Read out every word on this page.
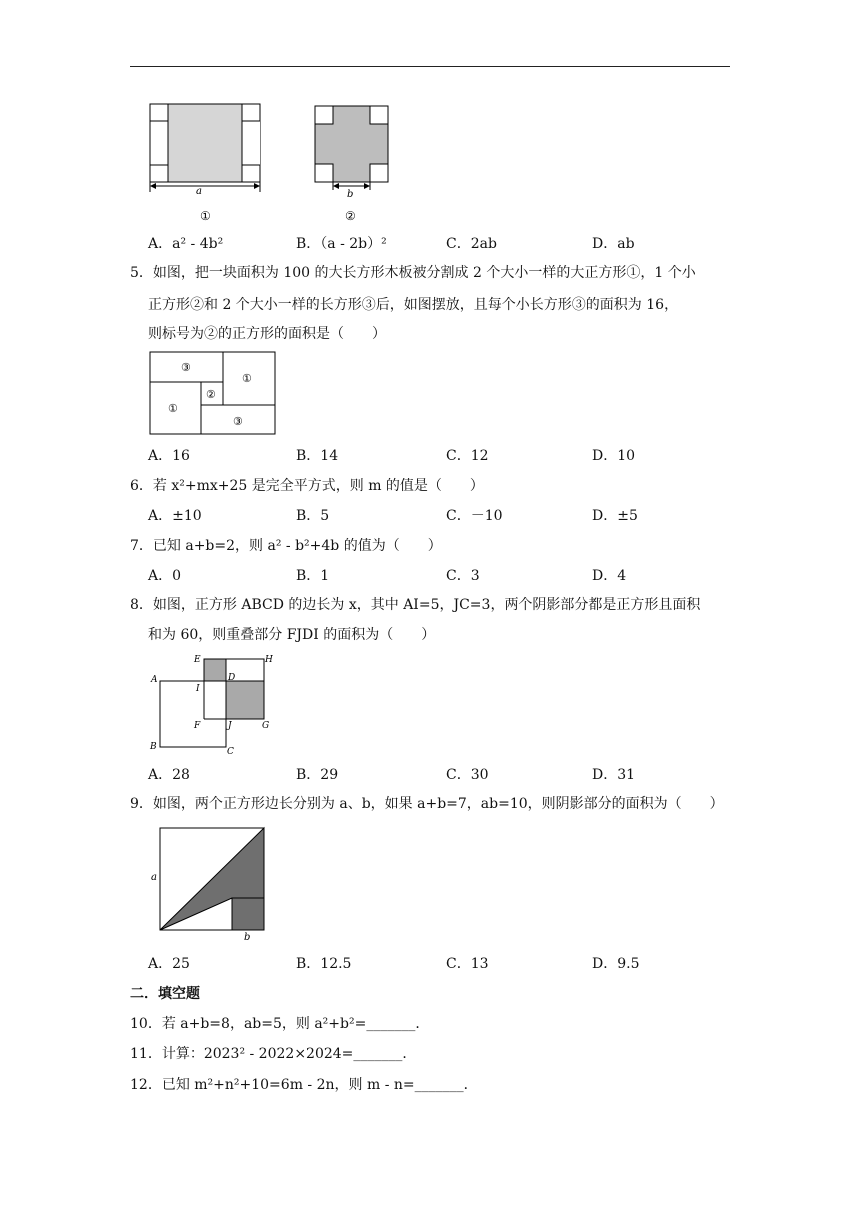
a
①
b
②
A．a² - 4b²	B．（a - 2b）²	C．2ab	D．ab
5．如图，把一块面积为 100 的大长方形木板被分割成 2 个大小一样的大正方形①，1 个小
正方形②和 2 个大小一样的长方形③后，如图摆放，且每个小长方形③的面积为 16，
则标号为②的正方形的面积是（　　）
③
①
②
①
③
A．16	B．14	C．12	D．10
6．若 x²+mx+25 是完全平方式，则 m 的值是（　　）
A．±10	B．5	C．－10	D．±5
7．已知 a+b=2，则 a² - b²+4b 的值为（　　）
A．0	B．1	C．3	D．4
8．如图，正方形 ABCD 的边长为 x，其中 AI=5，JC=3，两个阴影部分都是正方形且面积
和为 60，则重叠部分 FJDI 的面积为（　　）
E	H
A
I
D
F	J	G
B	C
A．28	B．29	C．30	D．31
9．如图，两个正方形边长分别为 a、b，如果 a+b=7，ab=10，则阴影部分的面积为（　　）
a
b
A．25	B．12.5	C．13	D．9.5
二．填空题
10．若 a+b=8，ab=5，则 a²+b²=_______．
11．计算：2023² - 2022×2024=_______．
12．已知 m²+n²+10=6m - 2n，则 m - n=_______．
